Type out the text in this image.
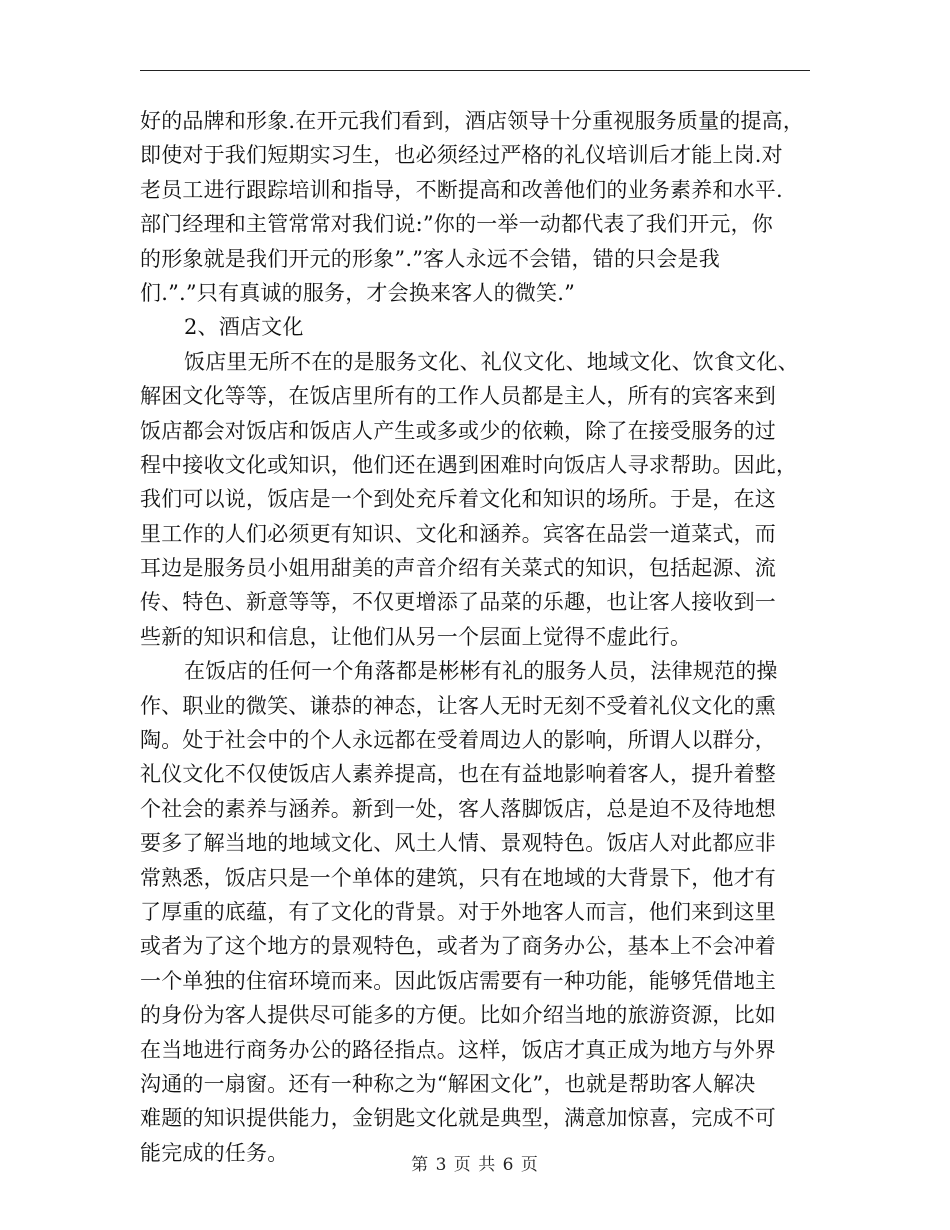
好的品牌和形象.在开元我们看到，酒店领导十分重视服务质量的提高，
即使对于我们短期实习生，也必须经过严格的礼仪培训后才能上岗.对
老员工进行跟踪培训和指导，不断提高和改善他们的业务素养和水平.
部门经理和主管常常对我们说:”你的一举一动都代表了我们开元，你
的形象就是我们开元的形象”.”客人永远不会错，错的只会是我
们.”.”只有真诚的服务，才会换来客人的微笑.”
2、酒店文化
饭店里无所不在的是服务文化、礼仪文化、地域文化、饮食文化、
解困文化等等，在饭店里所有的工作人员都是主人，所有的宾客来到
饭店都会对饭店和饭店人产生或多或少的依赖，除了在接受服务的过
程中接收文化或知识，他们还在遇到困难时向饭店人寻求帮助。因此，
我们可以说，饭店是一个到处充斥着文化和知识的场所。于是，在这
里工作的人们必须更有知识、文化和涵养。宾客在品尝一道菜式，而
耳边是服务员小姐用甜美的声音介绍有关菜式的知识，包括起源、流
传、特色、新意等等，不仅更增添了品菜的乐趣，也让客人接收到一
些新的知识和信息，让他们从另一个层面上觉得不虚此行。
在饭店的任何一个角落都是彬彬有礼的服务人员，法律规范的操
作、职业的微笑、谦恭的神态，让客人无时无刻不受着礼仪文化的熏
陶。处于社会中的个人永远都在受着周边人的影响，所谓人以群分，
礼仪文化不仅使饭店人素养提高，也在有益地影响着客人，提升着整
个社会的素养与涵养。新到一处，客人落脚饭店，总是迫不及待地想
要多了解当地的地域文化、风土人情、景观特色。饭店人对此都应非
常熟悉，饭店只是一个单体的建筑，只有在地域的大背景下，他才有
了厚重的底蕴，有了文化的背景。对于外地客人而言，他们来到这里
或者为了这个地方的景观特色，或者为了商务办公，基本上不会冲着
一个单独的住宿环境而来。因此饭店需要有一种功能，能够凭借地主
的身份为客人提供尽可能多的方便。比如介绍当地的旅游资源，比如
在当地进行商务办公的路径指点。这样，饭店才真正成为地方与外界
沟通的一扇窗。还有一种称之为“解困文化”，也就是帮助客人解决
难题的知识提供能力，金钥匙文化就是典型，满意加惊喜，完成不可
能完成的任务。
第 3 页 共 6 页
